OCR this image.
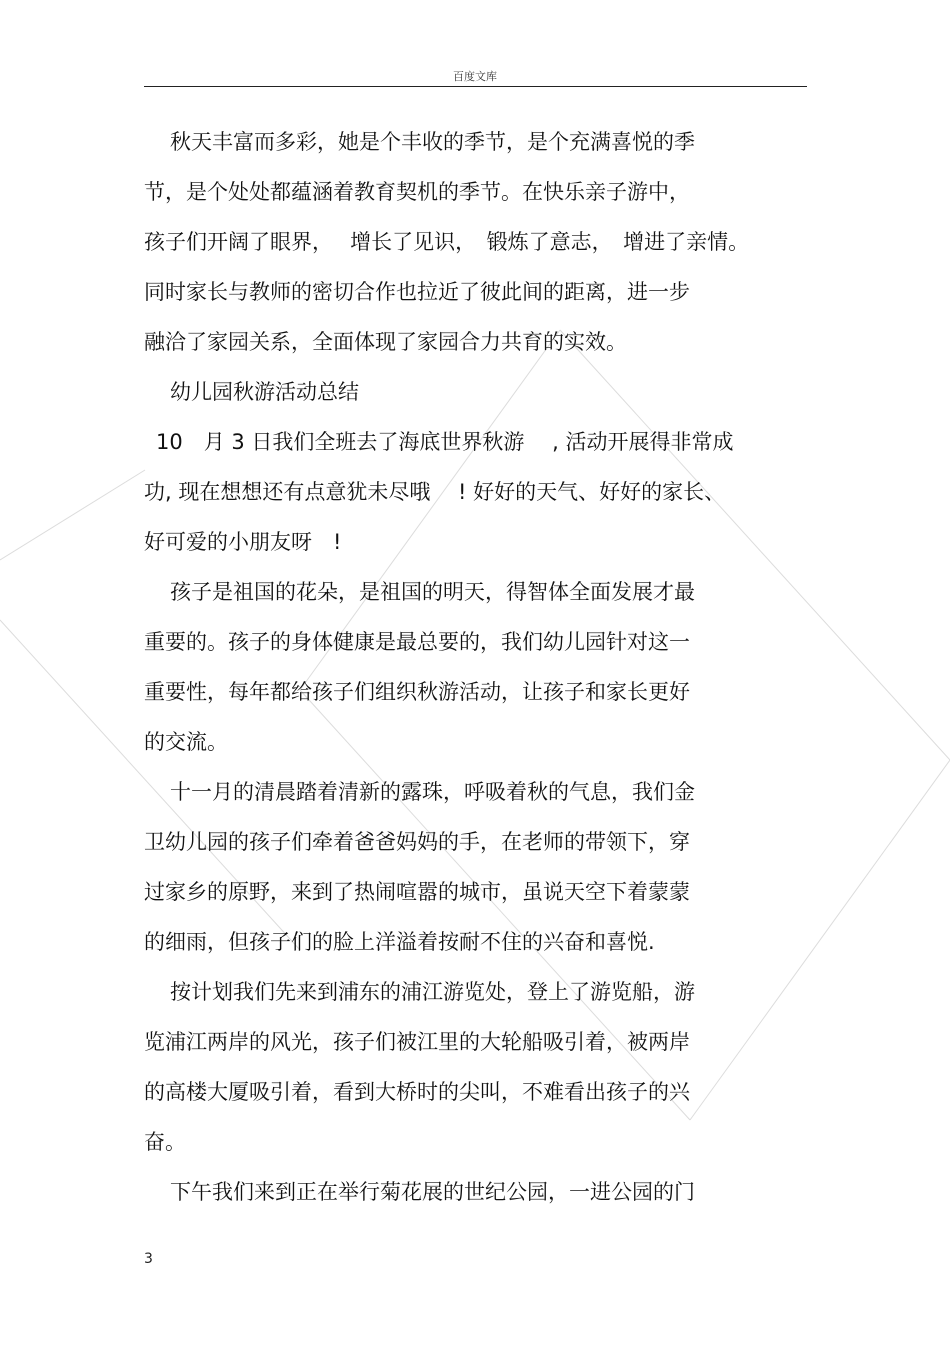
百度文库
秋天丰富而多彩，她是个丰收的季节，是个充满喜悦的季
节，是个处处都蕴涵着教育契机的季节。在快乐亲子游中，
孩子们开阔了眼界，　 增长了见识，　锻炼了意志，　增进了亲情。
同时家长与教师的密切合作也拉近了彼此间的距离，进一步
融洽了家园关系，全面体现了家园合力共育的实效。
幼儿园秋游活动总结
10　月 3 日我们全班去了海底世界秋游　 , 活动开展得非常成
功, 现在想想还有点意犹未尽哦　 ! 好好的天气、好好的家长、
好可爱的小朋友呀　!
孩子是祖国的花朵，是祖国的明天，得智体全面发展才最
重要的。孩子的身体健康是最总要的，我们幼儿园针对这一
重要性，每年都给孩子们组织秋游活动，让孩子和家长更好
的交流。
十一月的清晨踏着清新的露珠，呼吸着秋的气息，我们金
卫幼儿园的孩子们牵着爸爸妈妈的手，在老师的带领下，穿
过家乡的原野，来到了热闹喧嚣的城市，虽说天空下着蒙蒙
的细雨，但孩子们的脸上洋溢着按耐不住的兴奋和喜悦.
按计划我们先来到浦东的浦江游览处，登上了游览船，游
览浦江两岸的风光，孩子们被江里的大轮船吸引着，被两岸
的高楼大厦吸引着，看到大桥时的尖叫，不难看出孩子的兴
奋。
下午我们来到正在举行菊花展的世纪公园，一进公园的门
3
